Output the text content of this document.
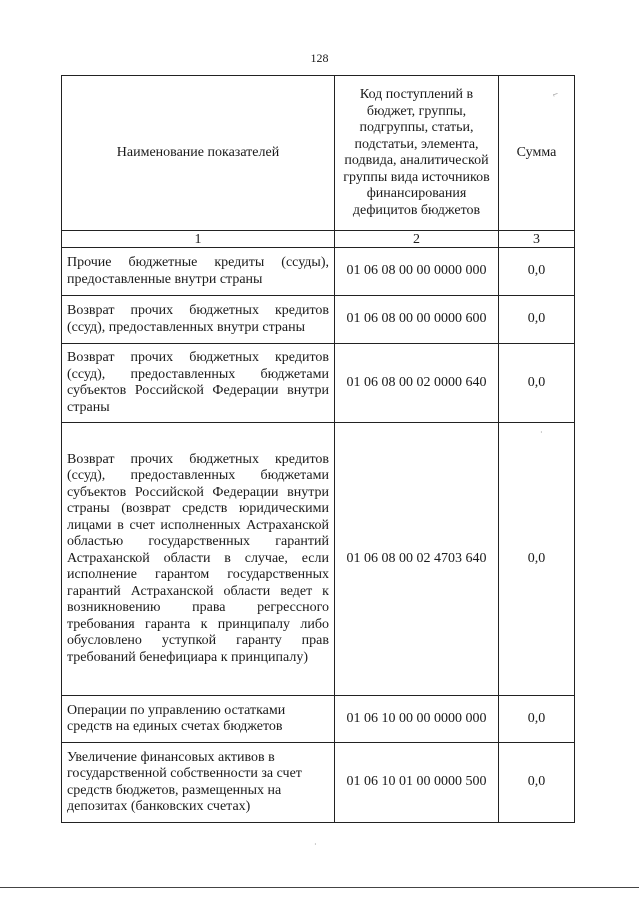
128
Наименование показателей	Код поступлений в бюджет, группы, подгруппы, статьи, подстатьи, элемента, подвида, аналитической группы вида источников финансирования дефицитов бюджетов	Сумма
1	2	3
Прочие бюджетные кредиты (ссуды), предоставленные внутри страны	01 06 08 00 00 0000 000	0,0
Возврат прочих бюджетных кредитов (ссуд), предоставленных внутри страны	01 06 08 00 00 0000 600	0,0
Возврат прочих бюджетных кредитов (ссуд), предоставленных бюджетами субъектов Российской Федерации внутри страны	01 06 08 00 02 0000 640	0,0
Возврат прочих бюджетных кредитов (ссуд), предоставленных бюджетами субъектов Российской Федерации внутри страны (возврат средств юридическими лицами в счет исполненных Астраханской областью государственных гарантий Астраханской области в случае, если исполнение гарантом государственных гарантий Астраханской области ведет к возникновению права регрессного требования гаранта к принципалу либо обусловлено уступкой гаранту прав требований бенефициара к принципалу)	01 06 08 00 02 4703 640	0,0
Операции по управлению остатками средств на единых счетах бюджетов	01 06 10 00 00 0000 000	0,0
Увеличение финансовых активов в государственной собственности за счет средств бюджетов, размещенных на депозитах (банковских счетах)	01 06 10 01 00 0000 500	0,0
⌐
·
·
